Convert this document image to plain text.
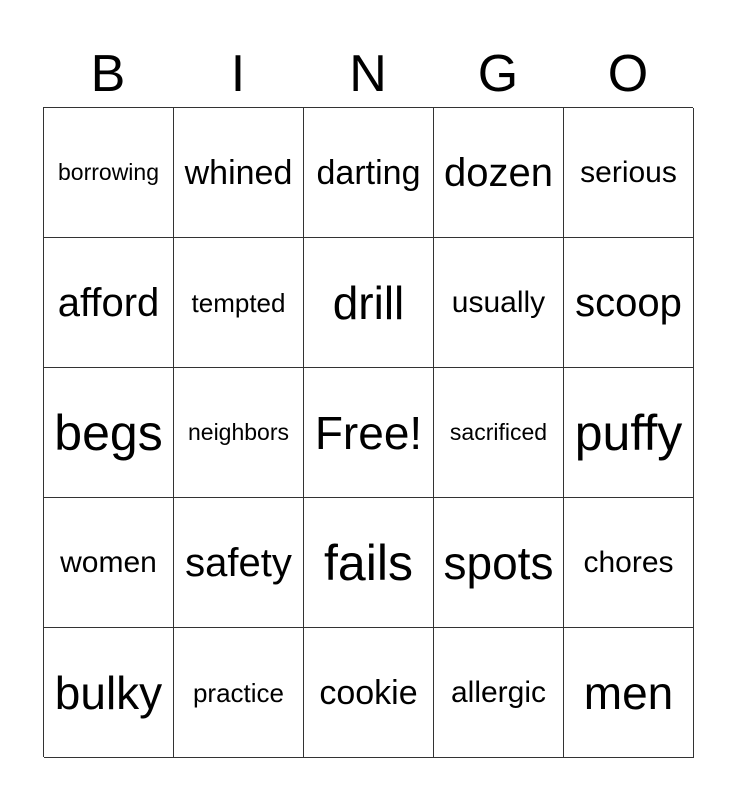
B	I	N	G	O
borrowing whined darting dozen serious
afford tempted drill usually scoop
begs neighbors Free! sacrificed puffy
women safety fails spots chores
bulky practice cookie allergic men
